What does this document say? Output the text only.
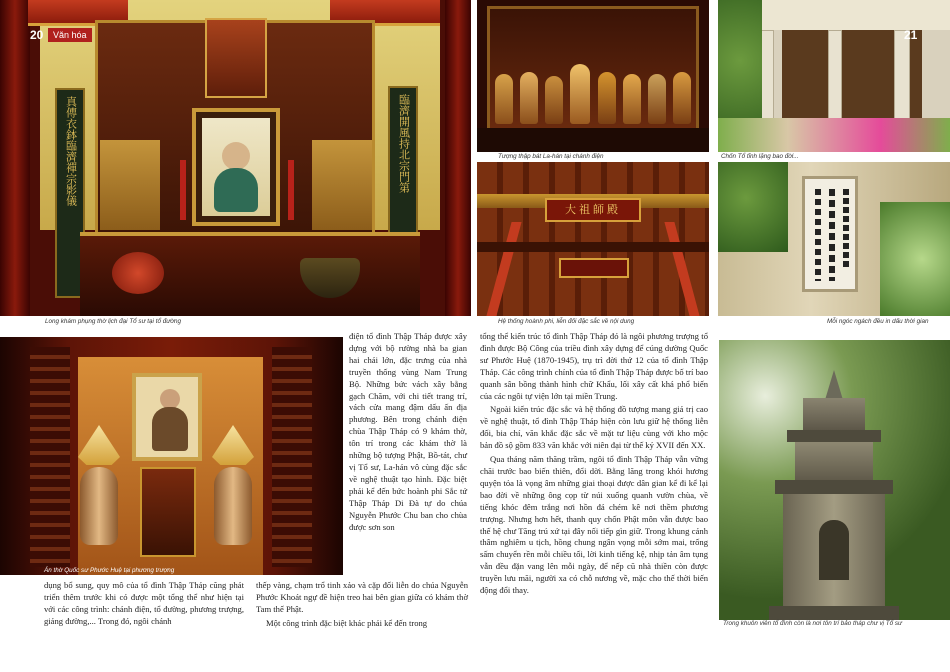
真傳衣鉢臨濟禪宗影儀	臨濟開風持北宗門第
Văn hóa
20
Long khám phụng thờ lịch đại Tổ sư tại tổ đường
Án thờ Quốc sư Phước Huệ tại phương trượng

dụng bổ sung, quy mô của tổ đình Thập Tháp cũng phát triển thêm trước khi có được một tổng thể như hiện tại với các công trình: chánh điện, tổ đường, phương trượng, giảng đường,... Trong đó, ngôi chánh

điện tổ đình Thập Tháp được xây dựng với bộ rường nhà ba gian hai chái lớn, đặc trưng của nhà truyền thống vùng Nam Trung Bộ. Những bức vách xây bằng gạch Chăm, với chi tiết trang trí, vách cửa mang đậm dấu ấn địa phương. Bên trong chánh điện chùa Thập Tháp có 9 khám thờ, tôn trí trong các khám thờ là những bộ tượng Phật, Bồ-tát, chư vị Tổ sư, La-hán vô cùng đặc sắc về nghệ thuật tạo hình. Đặc biệt phải kể đến bức hoành phi Sắc tứ Thập Tháp Di Đà tự do chúa Nguyễn Phước Chu ban cho chùa được sơn son

thếp vàng, chạm trổ tinh xảo và cặp đối liễn do chúa Nguyễn Phước Khoát ngự đề hiện treo hai bên gian giữa có khám thờ Tam thế Phật.

Một công trình đặc biệt khác phải kể đến trong

Tượng thập bát La-hán tại chánh điện
21
Chốn Tổ tĩnh lặng bao đời...
大祖師殿
Hệ thống hoành phi, liễn đối đặc sắc về nội dung	Mỗi ngóc ngách đều in dấu thời gian

tổng thể kiến trúc tổ đình Thập Tháp đó là ngôi phương trượng tổ đình được Bộ Công của triều đình xây dựng để cúng dường Quốc sư Phước Huệ (1870-1945), trụ trì đời thứ 12 của tổ đình Thập Tháp. Các công trình chính của tổ đình Thập Tháp được bố trí bao quanh sân bồng thành hình chữ Khẩu, lối xây cất khá phổ biến của các ngôi tự viện lớn tại miền Trung.

Ngoài kiến trúc đặc sắc và hệ thống đồ tượng mang giá trị cao về nghệ thuật, tổ đình Thập Tháp hiện còn lưu giữ hệ thống liễn đối, bia chí, văn khắc đặc sắc về mặt tư liệu cùng với kho mộc bản đồ sộ gồm 833 văn khắc với niên đại từ thế kỷ XVII đến XX.

Qua tháng năm thăng trầm, ngôi tổ đình Thập Tháp vẫn vững chãi trước bao biến thiên, đổi dời. Bằng lăng trong khói hương quyện tỏa là vọng âm những giai thoại được dân gian kể đi kể lại bao đời về những ông cọp từ núi xuống quanh vườn chùa, về tiếng khóc đêm trắng nơi hồn đá chém kê nơi thềm phương trượng. Nhưng hơn hết, thanh quy chốn Phật môn vẫn được bao thế hệ chư Tăng trú xứ tại đây nối tiếp gìn giữ. Trong khung cảnh thâm nghiêm u tịch, hồng chung ngân vọng mỗi sớm mai, trống sấm chuyển rền mỗi chiều tối, lời kinh tiếng kệ, nhịp tản âm tụng vẫn đều đặn vang lên mỗi ngày, để nếp cũ nhà thiền còn được truyền lưu mãi, người xa có chỗ nương về, mặc cho thế thời biến động đổi thay.

Trong khuôn viên tổ đình còn là nơi tôn trí bảo tháp chư vị Tổ sư
